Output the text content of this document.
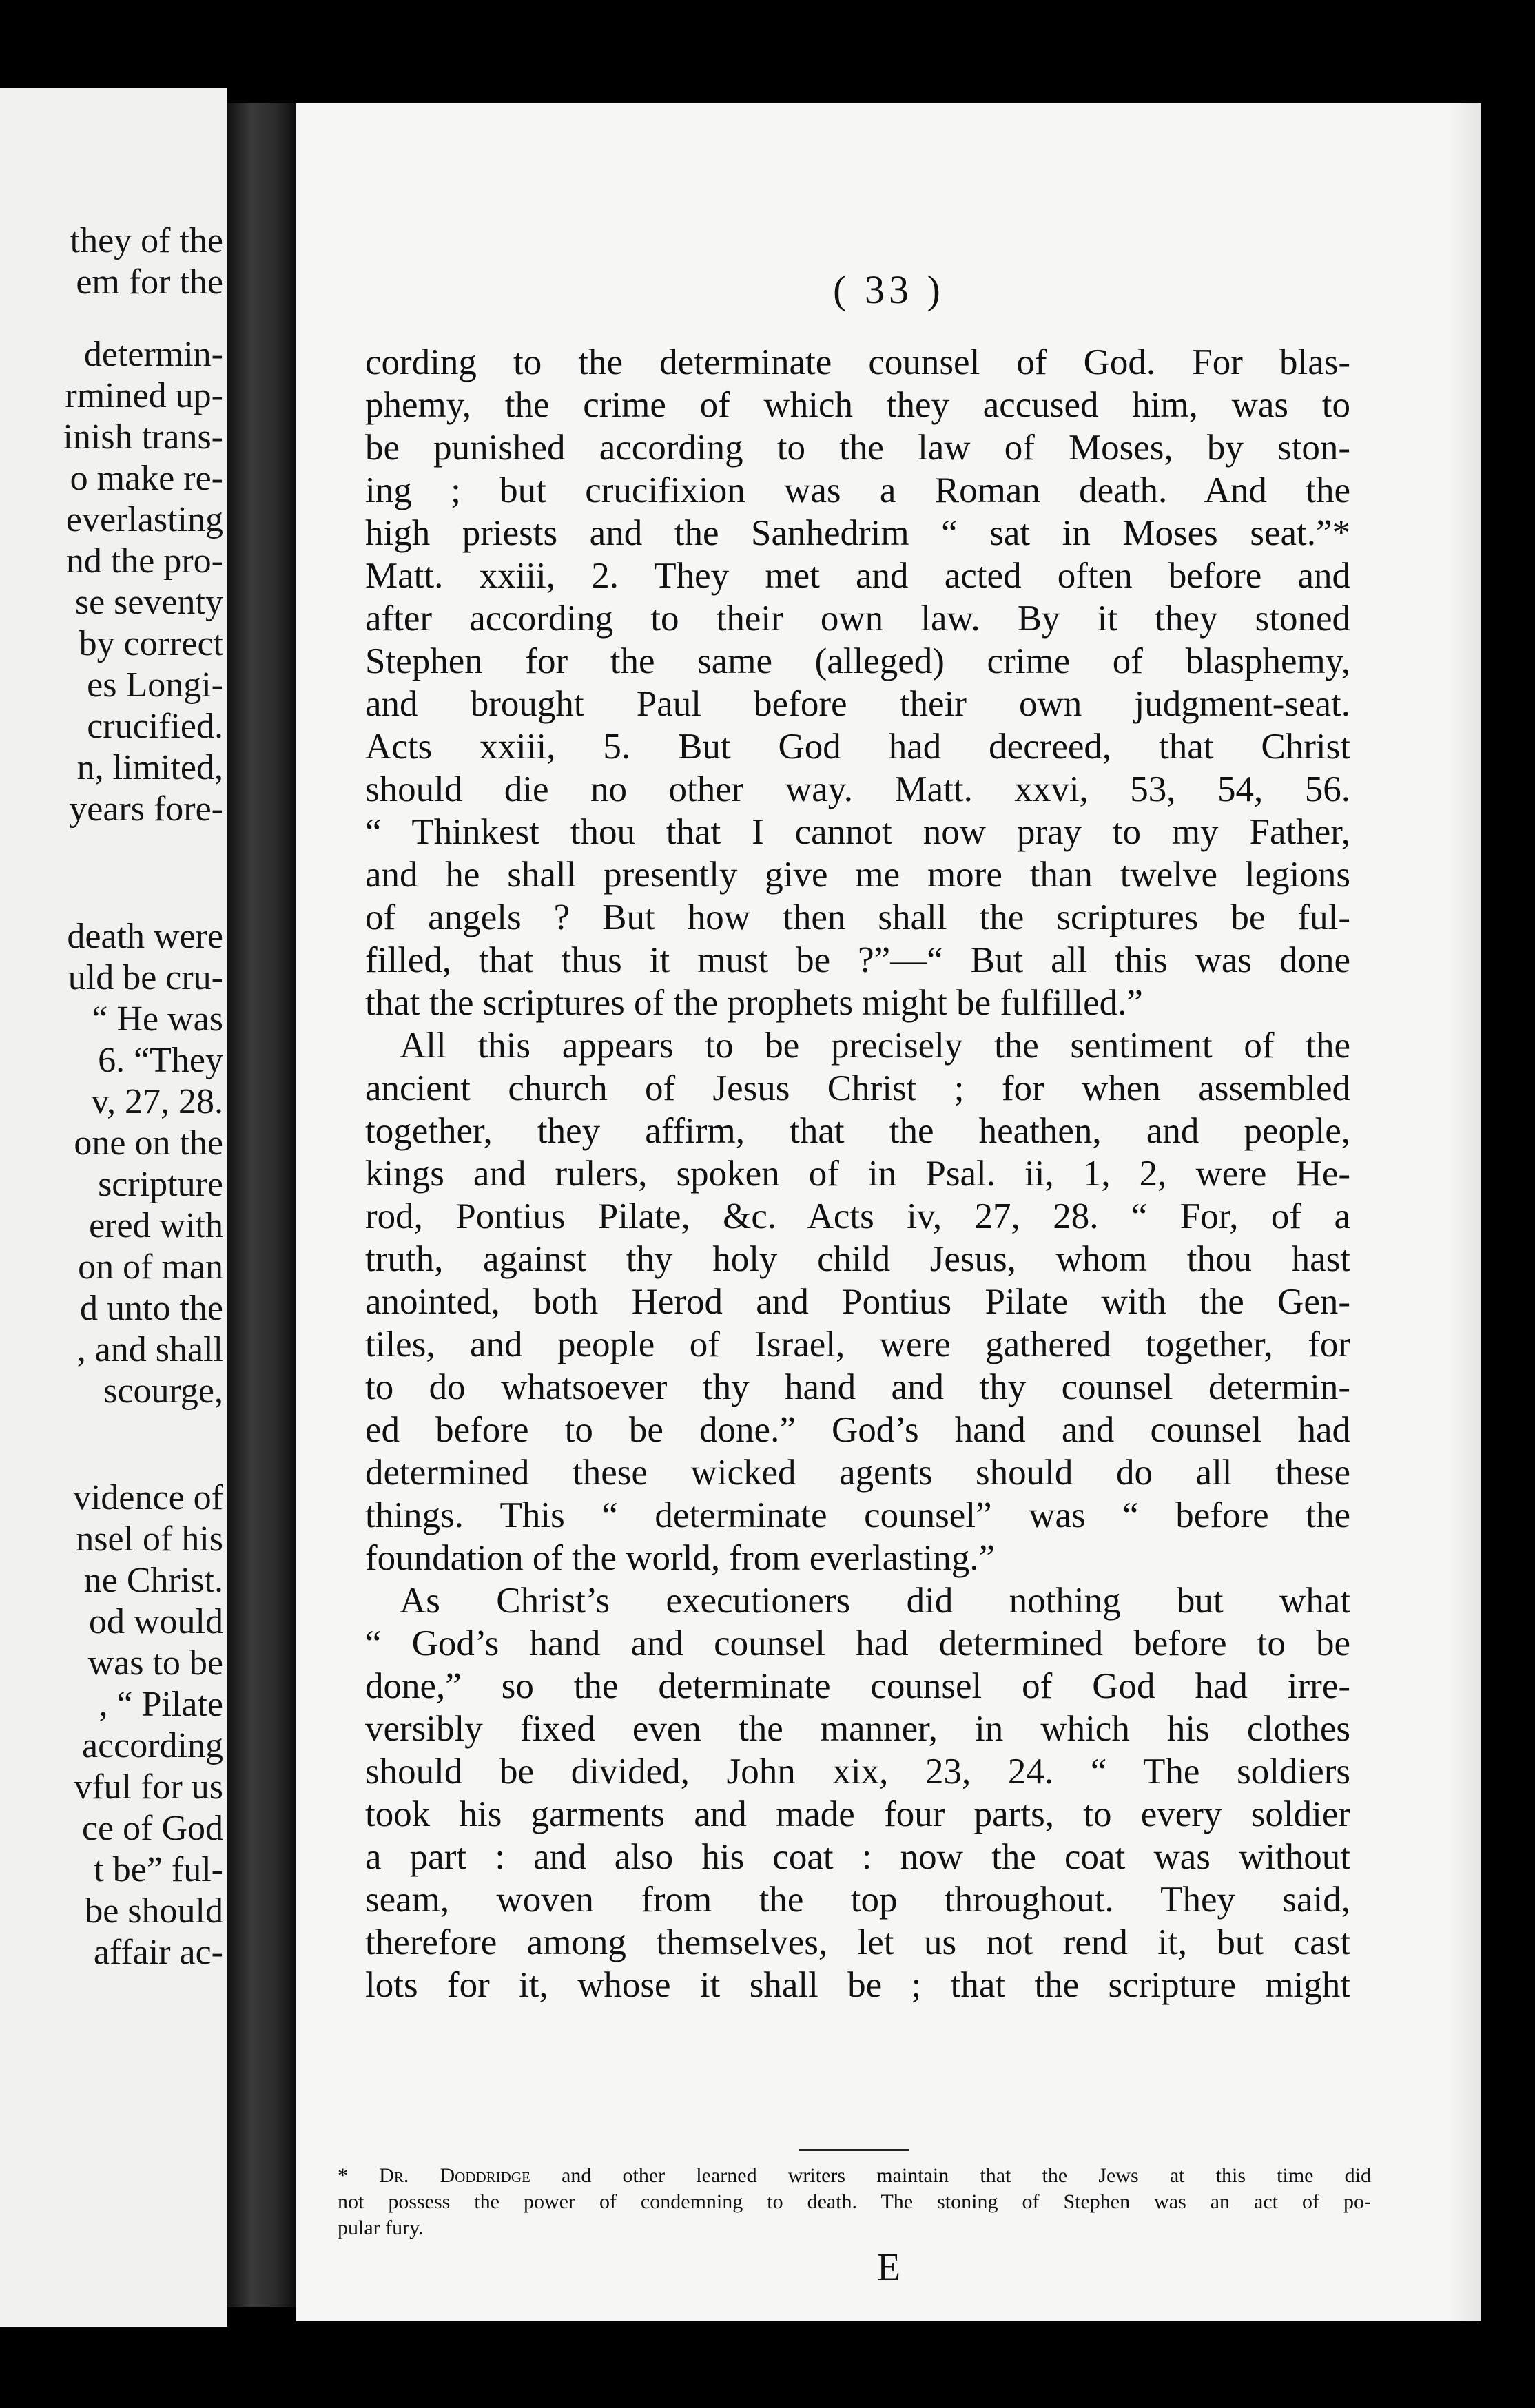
they of the
em for the
determin-
rmined up-
inish trans-
o make re-
everlasting
nd the pro-
se seventy
by correct
es Longi-
crucified.
n, limited,
years fore-
death were
uld be cru-
“ He was
6. “They
v, 27, 28.
one on the
scripture
ered with
on of man
d unto the
, and shall
scourge,
vidence of
nsel of his
ne Christ.
od would
was to be
, “ Pilate
according
vful for us
ce of God
t be” ful-
be should
affair ac-
( 33 )
* Dr. Doddridge and other learned writers maintain that the Jews at this time did
not possess the power of condemning to death. The stoning of Stephen was an act of po-
pular fury.
E
cording to the determinate counsel of God. For blas-
phemy, the crime of which they accused him, was to
be punished according to the law of Moses, by ston-
ing ; but crucifixion was a Roman death. And the
high priests and the Sanhedrim “ sat in Moses seat.”*
Matt. xxiii, 2. They met and acted often before and
after according to their own law. By it they stoned
Stephen for the same (alleged) crime of blasphemy,
and brought Paul before their own judgment-seat.
Acts xxiii, 5. But God had decreed, that Christ
should die no other way. Matt. xxvi, 53, 54, 56.
“ Thinkest thou that I cannot now pray to my Father,
and he shall presently give me more than twelve legions
of angels ? But how then shall the scriptures be ful-
filled, that thus it must be ?”—“ But all this was done
that the scriptures of the prophets might be fulfilled.”
All this appears to be precisely the sentiment of the
ancient church of Jesus Christ ; for when assembled
together, they affirm, that the heathen, and people,
kings and rulers, spoken of in Psal. ii, 1, 2, were He-
rod, Pontius Pilate, &c. Acts iv, 27, 28. “ For, of a
truth, against thy holy child Jesus, whom thou hast
anointed, both Herod and Pontius Pilate with the Gen-
tiles, and people of Israel, were gathered together, for
to do whatsoever thy hand and thy counsel determin-
ed before to be done.” God’s hand and counsel had
determined these wicked agents should do all these
things. This “ determinate counsel” was “ before the
foundation of the world, from everlasting.”
As Christ’s executioners did nothing but what
“ God’s hand and counsel had determined before to be
done,” so the determinate counsel of God had irre-
versibly fixed even the manner, in which his clothes
should be divided, John xix, 23, 24. “ The soldiers
took his garments and made four parts, to every soldier
a part : and also his coat : now the coat was without
seam, woven from the top throughout. They said,
therefore among themselves, let us not rend it, but cast
lots for it, whose it shall be ; that the scripture might
